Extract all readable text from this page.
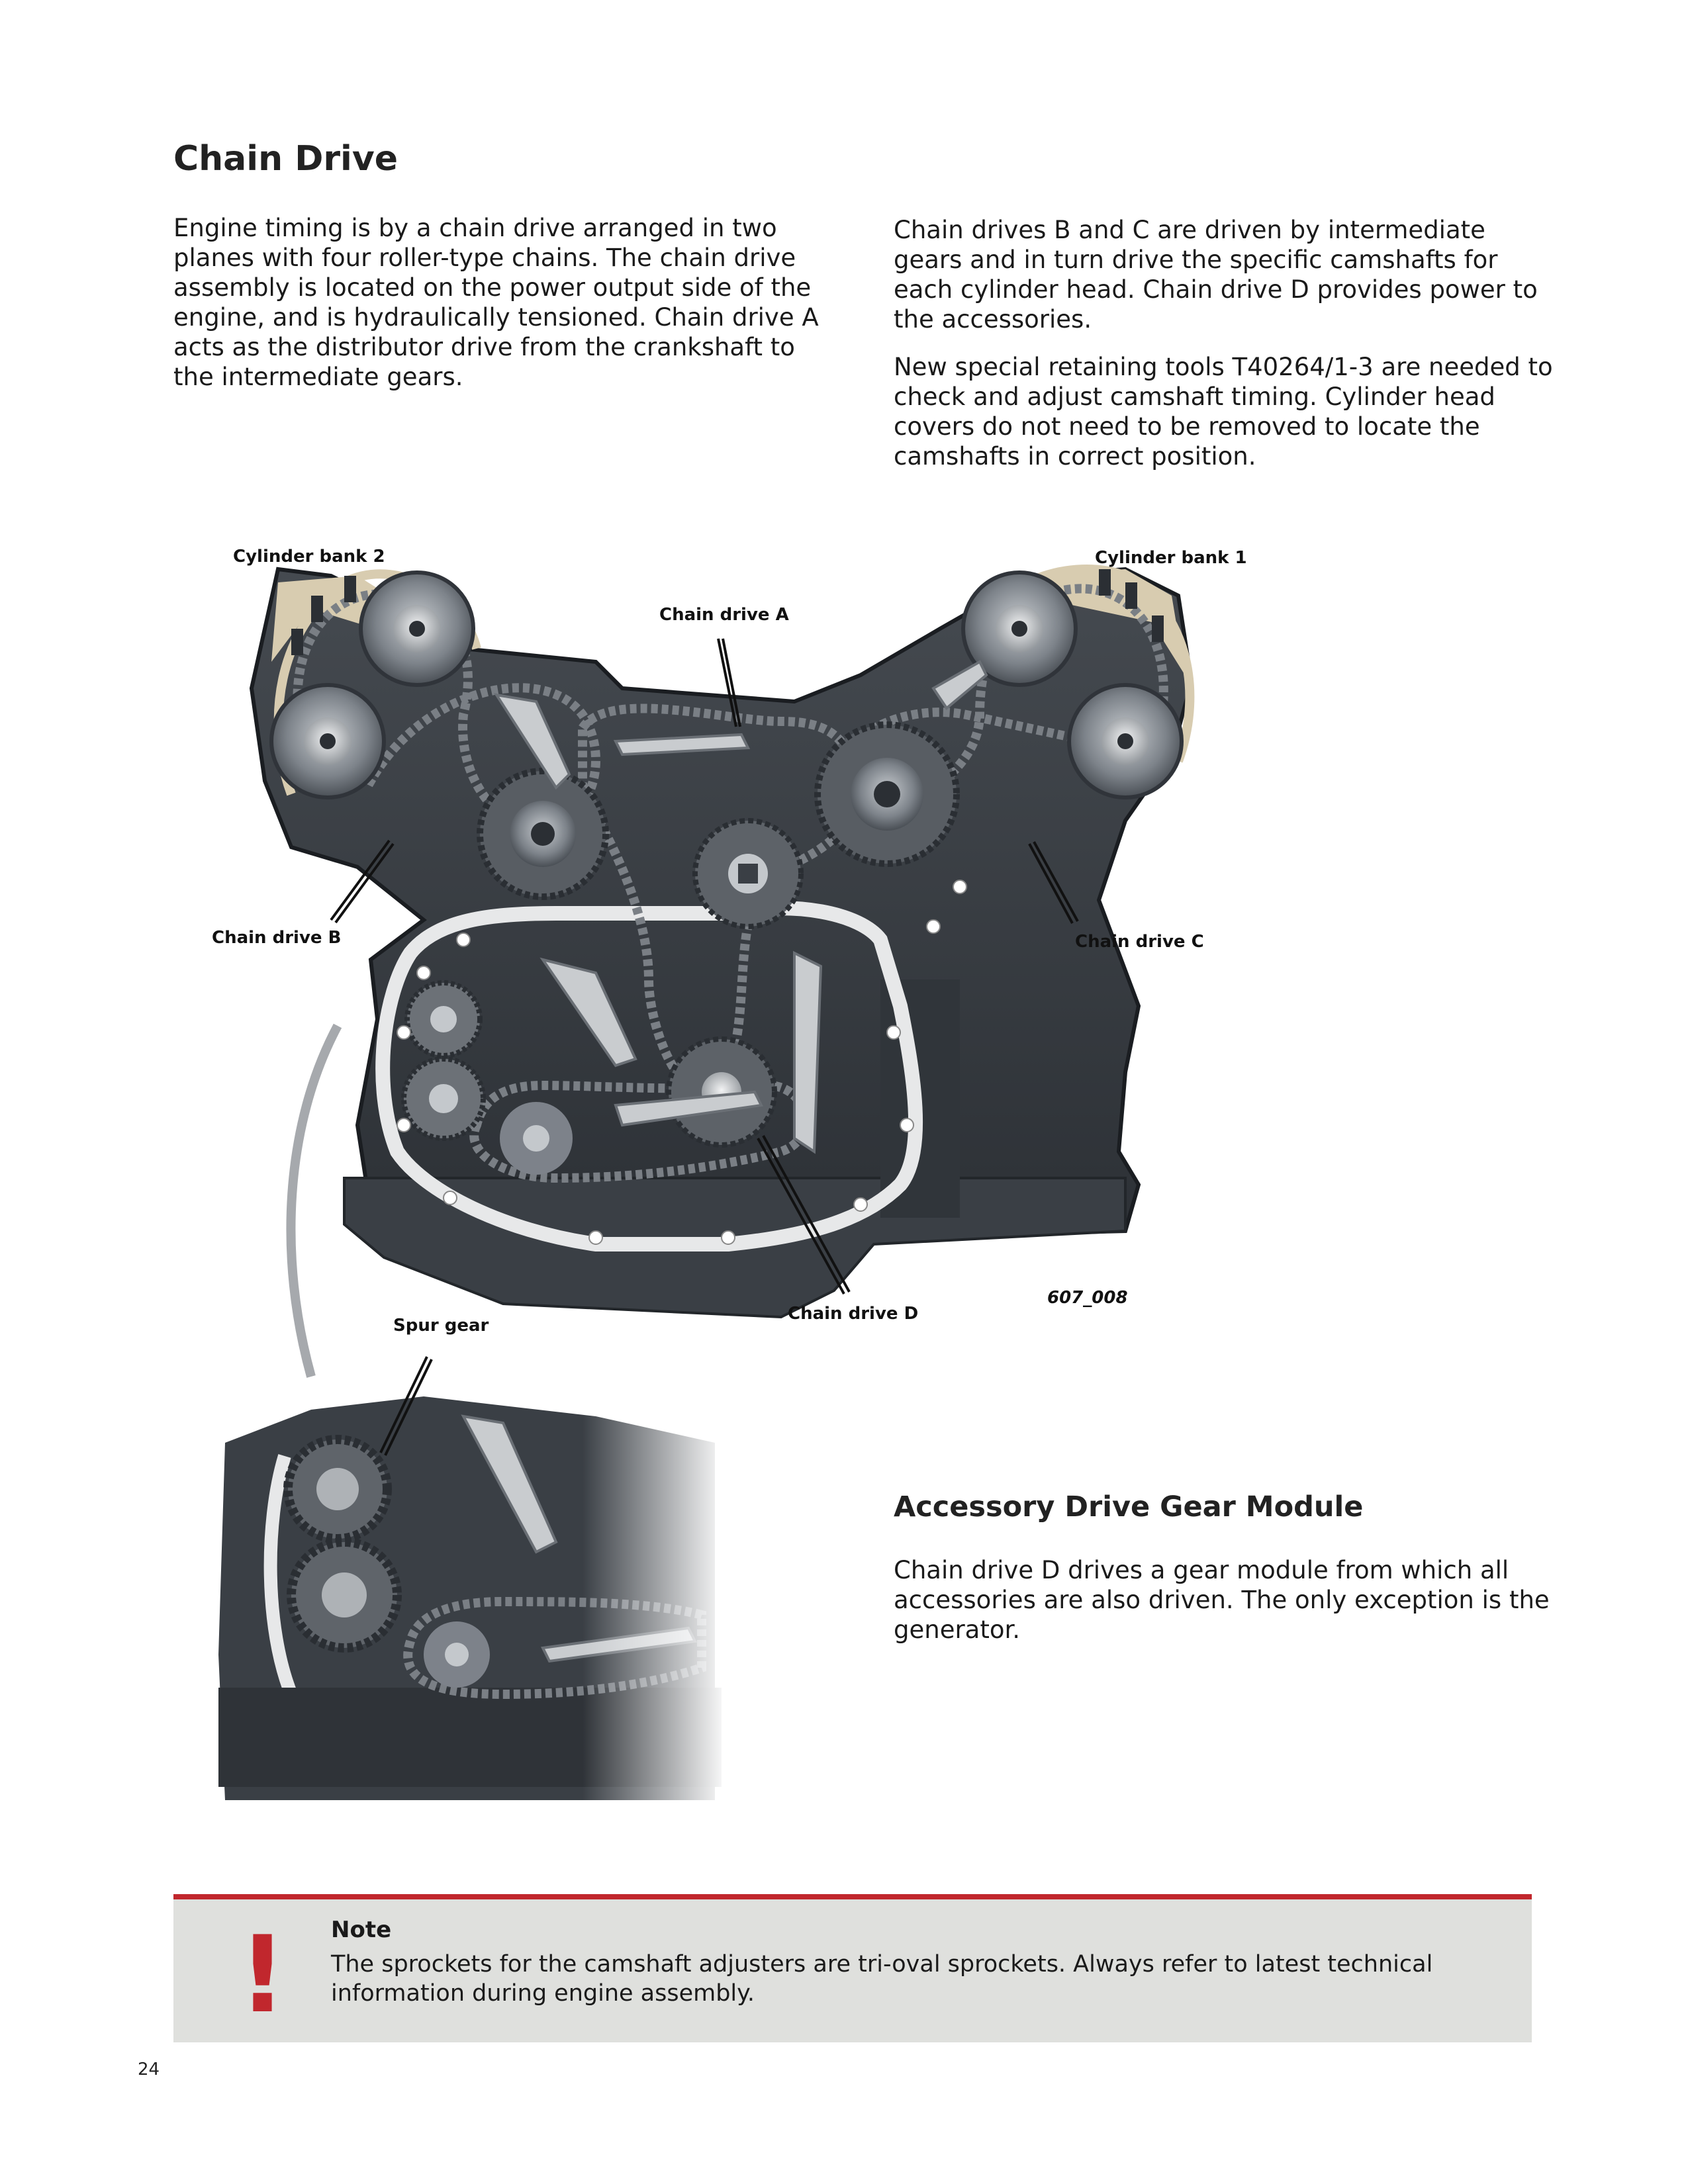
Chain Drive

Engine timing is by a chain drive arranged in two planes with four roller-type chains. The chain drive assembly is located on the power output side of the engine, and is hydraulically tensioned. Chain drive A acts as the distributor drive from the crankshaft to the intermediate gears.

Chain drives B and C are driven by intermediate gears and in turn drive the specific camshafts for each cylinder head. Chain drive D provides power to the accessories.

New special retaining tools T40264/1-3 are needed to check and adjust camshaft timing. Cylinder head covers do not need to be removed to locate the camshafts in correct position.

Cylinder bank 2	Cylinder bank 1
Chain drive A
Chain drive B	Chain drive C
Chain drive D
Spur gear
607_008
Accessory Drive Gear Module

Chain drive D drives a gear module from which all accessories are also driven. The only exception is the generator.

! Note
The sprockets for the camshaft adjusters are tri-oval sprockets. Always refer to latest technical information during engine assembly.
24
